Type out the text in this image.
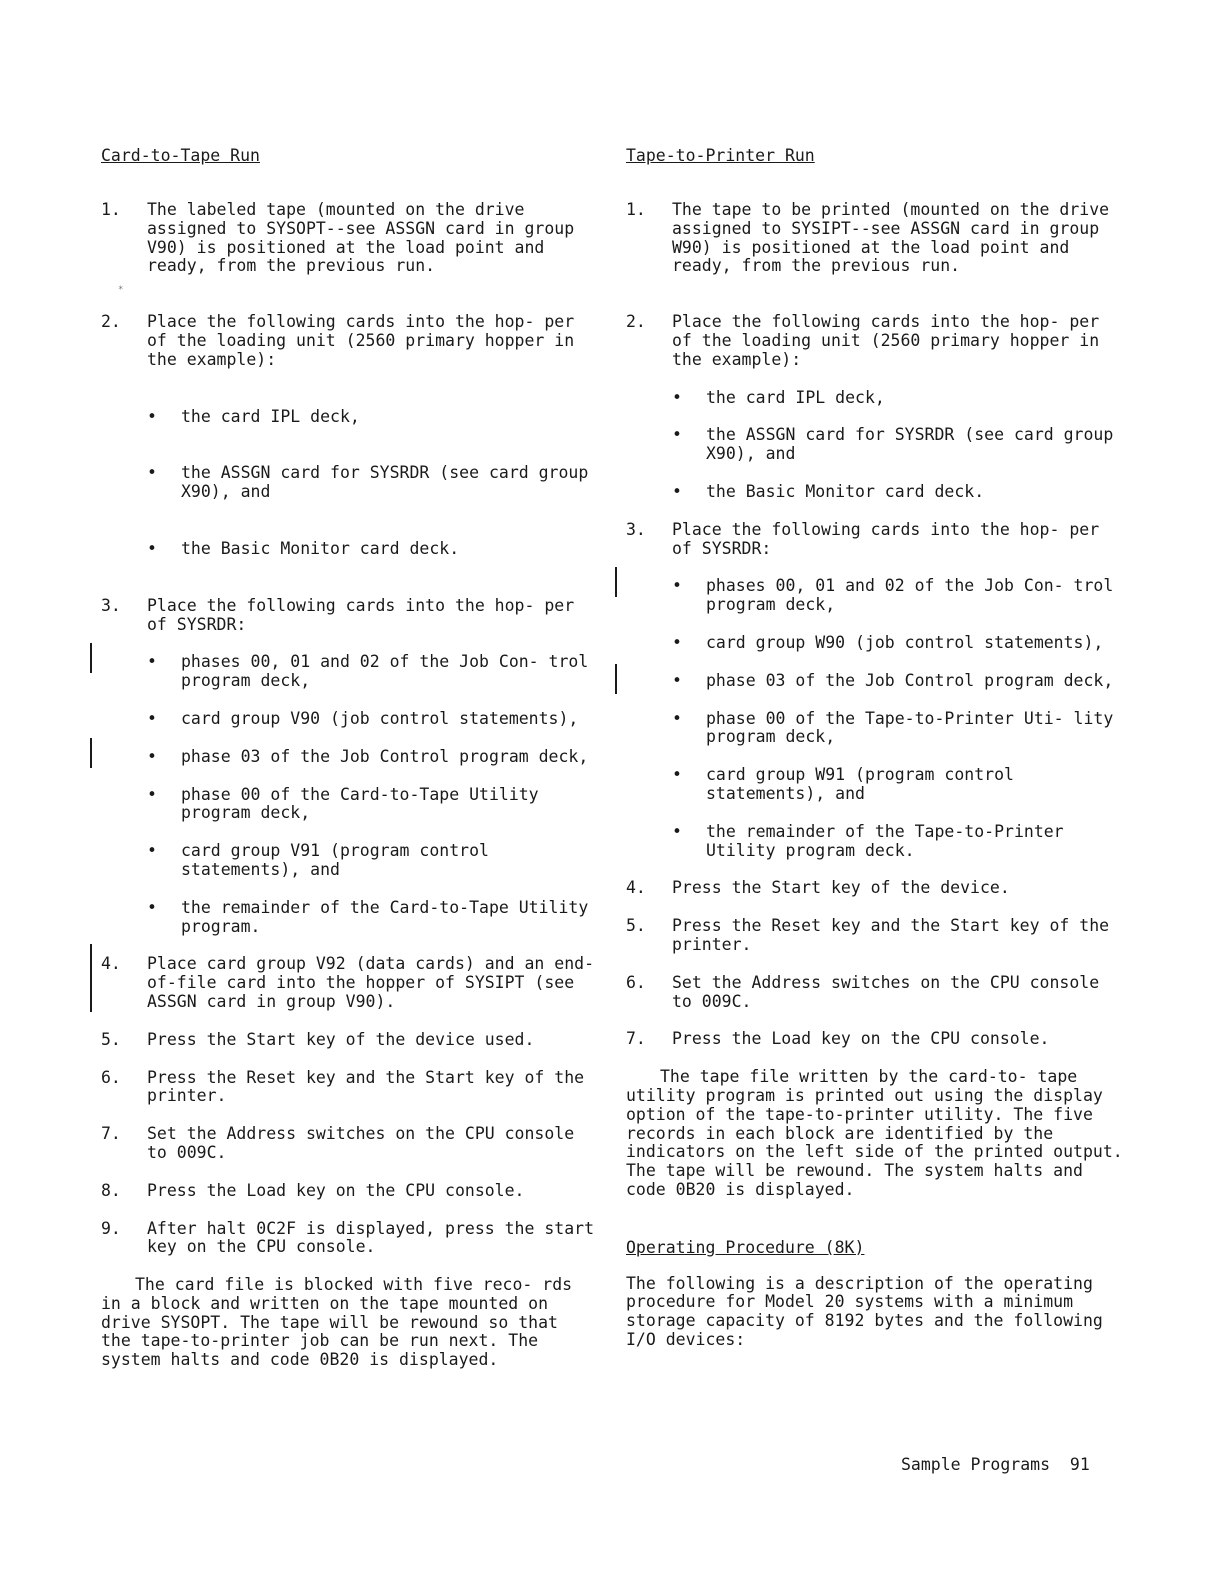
*
Card-to-Tape Run
1. The labeled tape (mounted on the drive assigned to SYSOPT--see ASSGN card in group V90) is positioned at the load point and ready, from the previous run.
2. Place the following cards into the hop- per of the loading unit (2560 primary hopper in the example):
• the card IPL deck,
• the ASSGN card for SYSRDR (see card group X90), and
• the Basic Monitor card deck.
3. Place the following cards into the hop- per of SYSRDR:
• phases 00, 01 and 02 of the Job Con- trol program deck,
• card group V90 (job control statements),
• phase 03 of the Job Control program deck,
• phase 00 of the Card-to-Tape Utility program deck,
• card group V91 (program control statements), and
• the remainder of the Card-to-Tape Utility program.
4. Place card group V92 (data cards) and an end-of-file card into the hopper of SYSIPT (see ASSGN card in group V90).
5. Press the Start key of the device used.
6. Press the Reset key and the Start key of the printer.
7. Set the Address switches on the CPU console to 009C.
8. Press the Load key on the CPU console.
9. After halt 0C2F is displayed, press the start key on the CPU console.
The card file is blocked with five reco- rds in a block and written on the tape mounted on drive SYSOPT. The tape will be rewound so that the tape-to-printer job can be run next. The system halts and code 0B20 is displayed.
Tape-to-Printer Run
1. The tape to be printed (mounted on the drive assigned to SYSIPT--see ASSGN card in group W90) is positioned at the load point and ready, from the previous run.
2. Place the following cards into the hop- per of the loading unit (2560 primary hopper in the example):
• the card IPL deck,
• the ASSGN card for SYSRDR (see card group X90), and
• the Basic Monitor card deck.
3. Place the following cards into the hop- per of SYSRDR:
• phases 00, 01 and 02 of the Job Con- trol program deck,
• card group W90 (job control statements),
• phase 03 of the Job Control program deck,
• phase 00 of the Tape-to-Printer Uti- lity program deck,
• card group W91 (program control statements), and
• the remainder of the Tape-to-Printer Utility program deck.
4. Press the Start key of the device.
5. Press the Reset key and the Start key of the printer.
6. Set the Address switches on the CPU console to 009C.
7. Press the Load key on the CPU console.
The tape file written by the card-to- tape utility program is printed out using the display option of the tape-to-printer utility. The five records in each block are identified by the indicators on the left side of the printed output. The tape will be rewound. The system halts and code 0B20 is displayed.
Operating Procedure (8K)
The following is a description of the operating procedure for Model 20 systems with a minimum storage capacity of 8192 bytes and the following I/O devices:
Sample Programs 91
